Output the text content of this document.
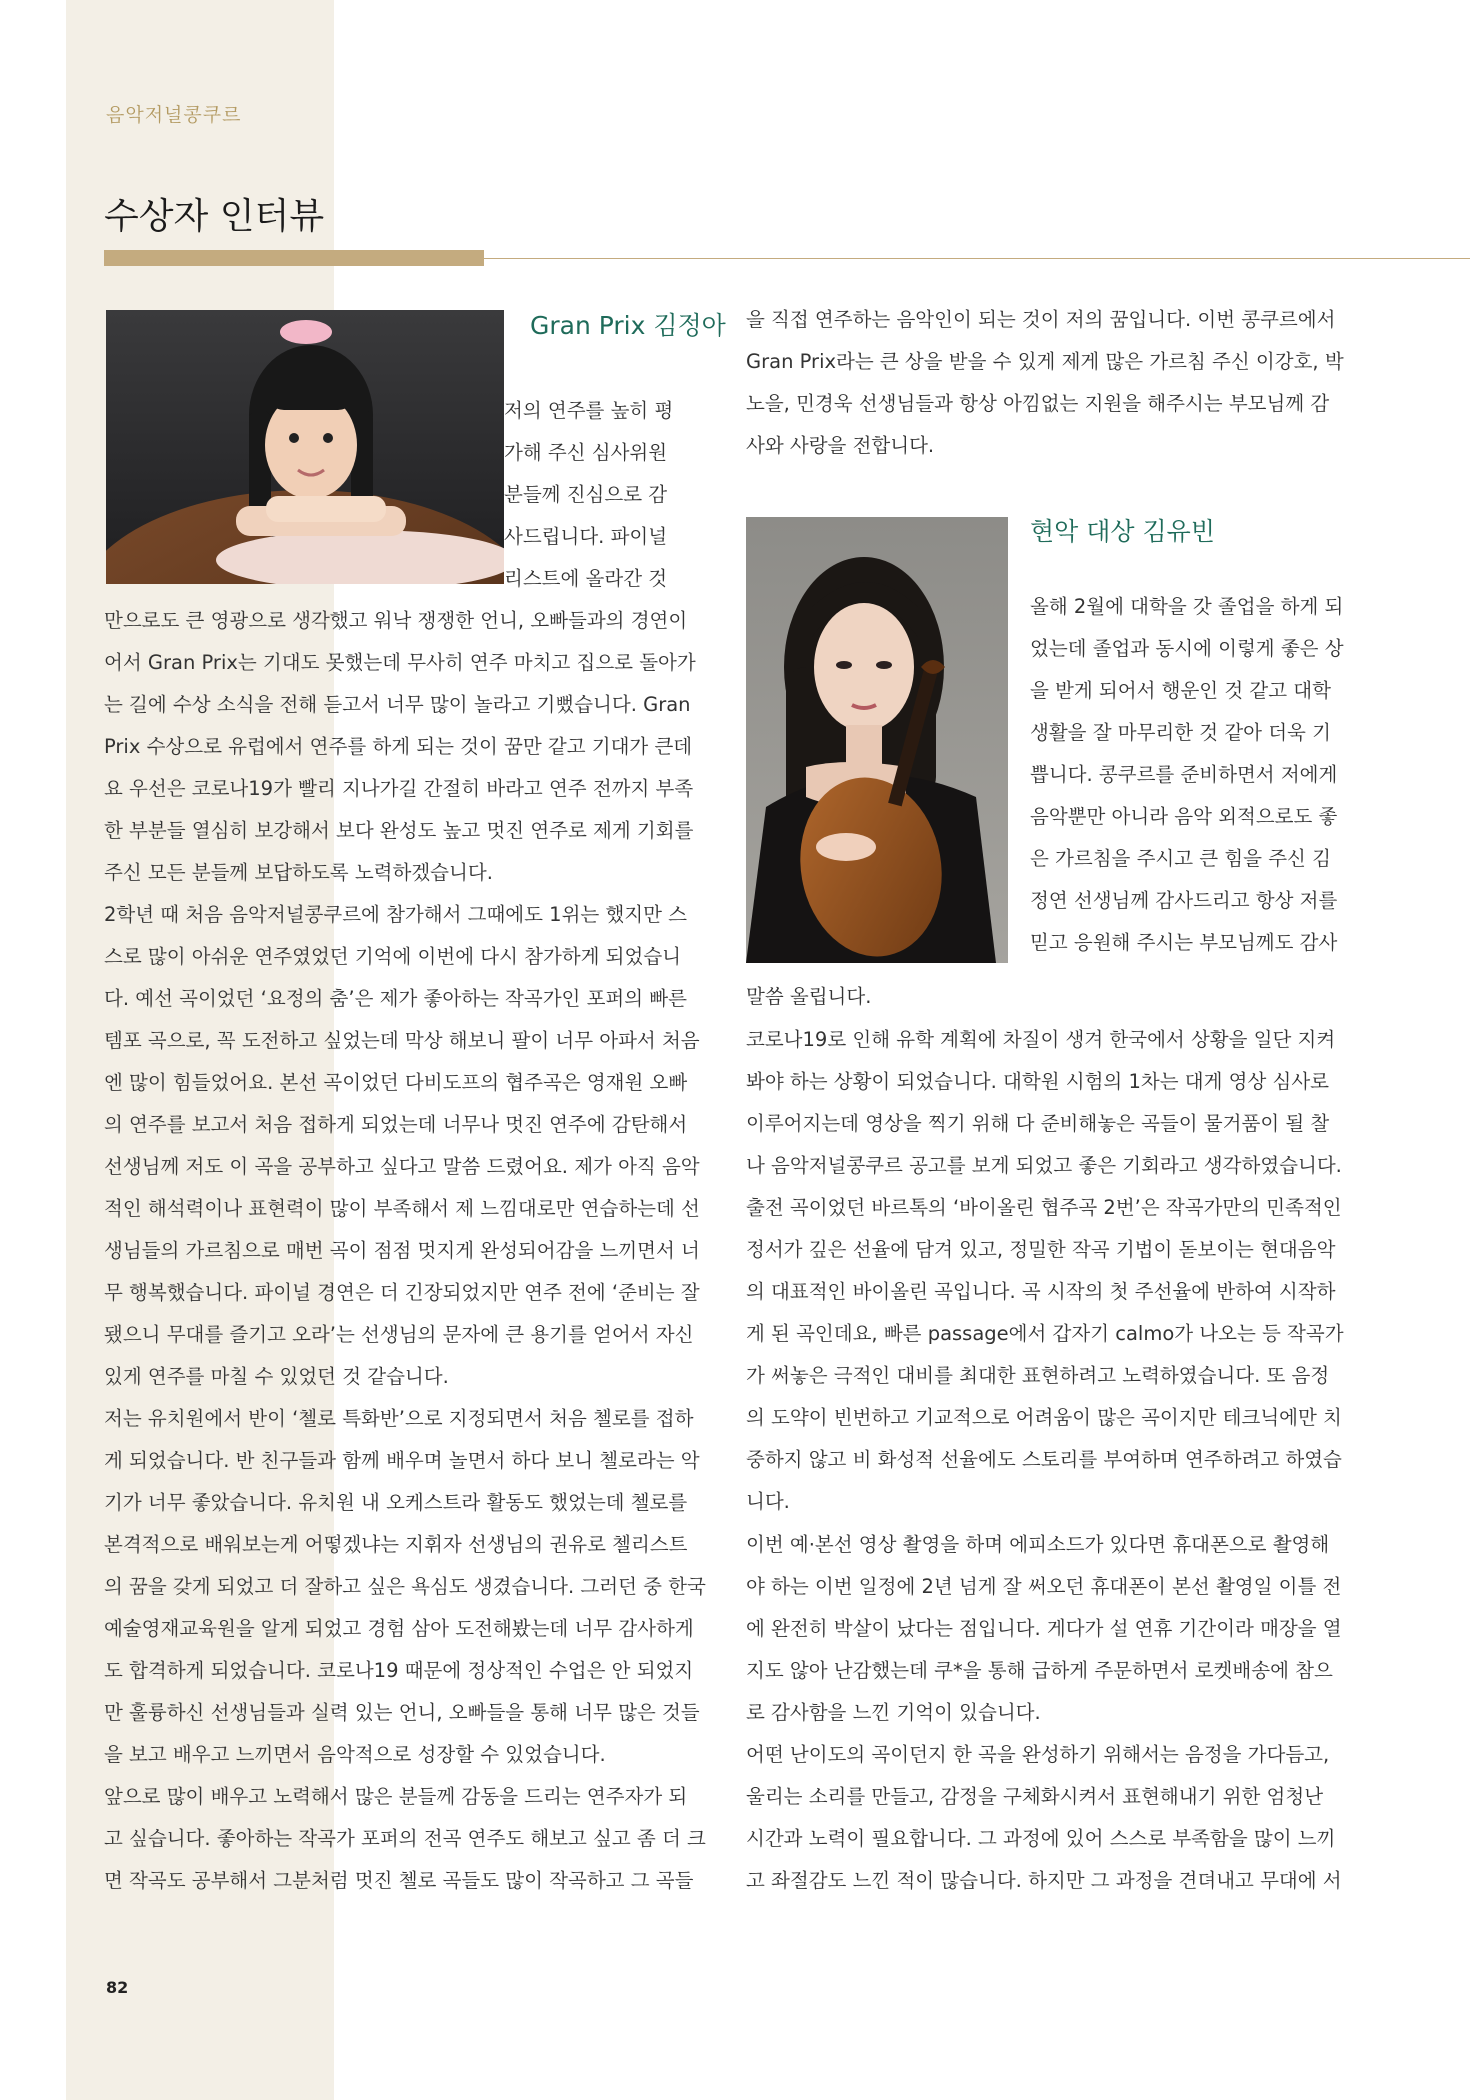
음악저널콩쿠르
수상자 인터뷰
Gran Prix 김정아
현악 대상 김유빈
저의 연주를 높히 평
가해 주신 심사위원
분들께 진심으로 감
사드립니다. 파이널
리스트에 올라간 것
만으로도 큰 영광으로 생각했고 워낙 쟁쟁한 언니, 오빠들과의 경연이
어서 Gran Prix는 기대도 못했는데 무사히 연주 마치고 집으로 돌아가
는 길에 수상 소식을 전해 듣고서 너무 많이 놀라고 기뻤습니다. Gran
Prix 수상으로 유럽에서 연주를 하게 되는 것이 꿈만 같고 기대가 큰데
요 우선은 코로나19가 빨리 지나가길 간절히 바라고 연주 전까지 부족
한 부분들 열심히 보강해서 보다 완성도 높고 멋진 연주로 제게 기회를
주신 모든 분들께 보답하도록 노력하겠습니다.
2학년 때 처음 음악저널콩쿠르에 참가해서 그때에도 1위는 했지만 스
스로 많이 아쉬운 연주였었던 기억에 이번에 다시 참가하게 되었습니
다. 예선 곡이었던 ‘요정의 춤’은 제가 좋아하는 작곡가인 포퍼의 빠른
템포 곡으로, 꼭 도전하고 싶었는데 막상 해보니 팔이 너무 아파서 처음
엔 많이 힘들었어요. 본선 곡이었던 다비도프의 협주곡은 영재원 오빠
의 연주를 보고서 처음 접하게 되었는데 너무나 멋진 연주에 감탄해서
선생님께 저도 이 곡을 공부하고 싶다고 말씀 드렸어요. 제가 아직 음악
적인 해석력이나 표현력이 많이 부족해서 제 느낌대로만 연습하는데 선
생님들의 가르침으로 매번 곡이 점점 멋지게 완성되어감을 느끼면서 너
무 행복했습니다. 파이널 경연은 더 긴장되었지만 연주 전에 ‘준비는 잘
됐으니 무대를 즐기고 오라’는 선생님의 문자에 큰 용기를 얻어서 자신
있게 연주를 마칠 수 있었던 것 같습니다.
저는 유치원에서 반이 ‘첼로 특화반’으로 지정되면서 처음 첼로를 접하
게 되었습니다. 반 친구들과 함께 배우며 놀면서 하다 보니 첼로라는 악
기가 너무 좋았습니다. 유치원 내 오케스트라 활동도 했었는데 첼로를
본격적으로 배워보는게 어떻겠냐는 지휘자 선생님의 권유로 첼리스트
의 꿈을 갖게 되었고 더 잘하고 싶은 욕심도 생겼습니다. 그러던 중 한국
예술영재교육원을 알게 되었고 경험 삼아 도전해봤는데 너무 감사하게
도 합격하게 되었습니다. 코로나19 때문에 정상적인 수업은 안 되었지
만 훌륭하신 선생님들과 실력 있는 언니, 오빠들을 통해 너무 많은 것들
을 보고 배우고 느끼면서 음악적으로 성장할 수 있었습니다.
앞으로 많이 배우고 노력해서 많은 분들께 감동을 드리는 연주자가 되
고 싶습니다. 좋아하는 작곡가 포퍼의 전곡 연주도 해보고 싶고 좀 더 크
면 작곡도 공부해서 그분처럼 멋진 첼로 곡들도 많이 작곡하고 그 곡들
을 직접 연주하는 음악인이 되는 것이 저의 꿈입니다. 이번 콩쿠르에서
Gran Prix라는 큰 상을 받을 수 있게 제게 많은 가르침 주신 이강호, 박
노을, 민경욱 선생님들과 항상 아낌없는 지원을 해주시는 부모님께 감
사와 사랑을 전합니다.
올해 2월에 대학을 갓 졸업을 하게 되
었는데 졸업과 동시에 이렇게 좋은 상
을 받게 되어서 행운인 것 같고 대학
생활을 잘 마무리한 것 같아 더욱 기
쁩니다. 콩쿠르를 준비하면서 저에게
음악뿐만 아니라 음악 외적으로도 좋
은 가르침을 주시고 큰 힘을 주신 김
정연 선생님께 감사드리고 항상 저를
믿고 응원해 주시는 부모님께도 감사
말씀 올립니다.
코로나19로 인해 유학 계획에 차질이 생겨 한국에서 상황을 일단 지켜
봐야 하는 상황이 되었습니다. 대학원 시험의 1차는 대게 영상 심사로
이루어지는데 영상을 찍기 위해 다 준비해놓은 곡들이 물거품이 될 찰
나 음악저널콩쿠르 공고를 보게 되었고 좋은 기회라고 생각하였습니다.
출전 곡이었던 바르톡의 ‘바이올린 협주곡 2번’은 작곡가만의 민족적인
정서가 깊은 선율에 담겨 있고, 정밀한 작곡 기법이 돋보이는 현대음악
의 대표적인 바이올린 곡입니다. 곡 시작의 첫 주선율에 반하여 시작하
게 된 곡인데요, 빠른 passage에서 갑자기 calmo가 나오는 등 작곡가
가 써놓은 극적인 대비를 최대한 표현하려고 노력하였습니다. 또 음정
의 도약이 빈번하고 기교적으로 어려움이 많은 곡이지만 테크닉에만 치
중하지 않고 비 화성적 선율에도 스토리를 부여하며 연주하려고 하였습
니다.
이번 예·본선 영상 촬영을 하며 에피소드가 있다면 휴대폰으로 촬영해
야 하는 이번 일정에 2년 넘게 잘 써오던 휴대폰이 본선 촬영일 이틀 전
에 완전히 박살이 났다는 점입니다. 게다가 설 연휴 기간이라 매장을 열
지도 않아 난감했는데 쿠*을 통해 급하게 주문하면서 로켓배송에 참으
로 감사함을 느낀 기억이 있습니다.
어떤 난이도의 곡이던지 한 곡을 완성하기 위해서는 음정을 가다듬고,
울리는 소리를 만들고, 감정을 구체화시켜서 표현해내기 위한 엄청난
시간과 노력이 필요합니다. 그 과정에 있어 스스로 부족함을 많이 느끼
고 좌절감도 느낀 적이 많습니다. 하지만 그 과정을 견뎌내고 무대에 서
82
